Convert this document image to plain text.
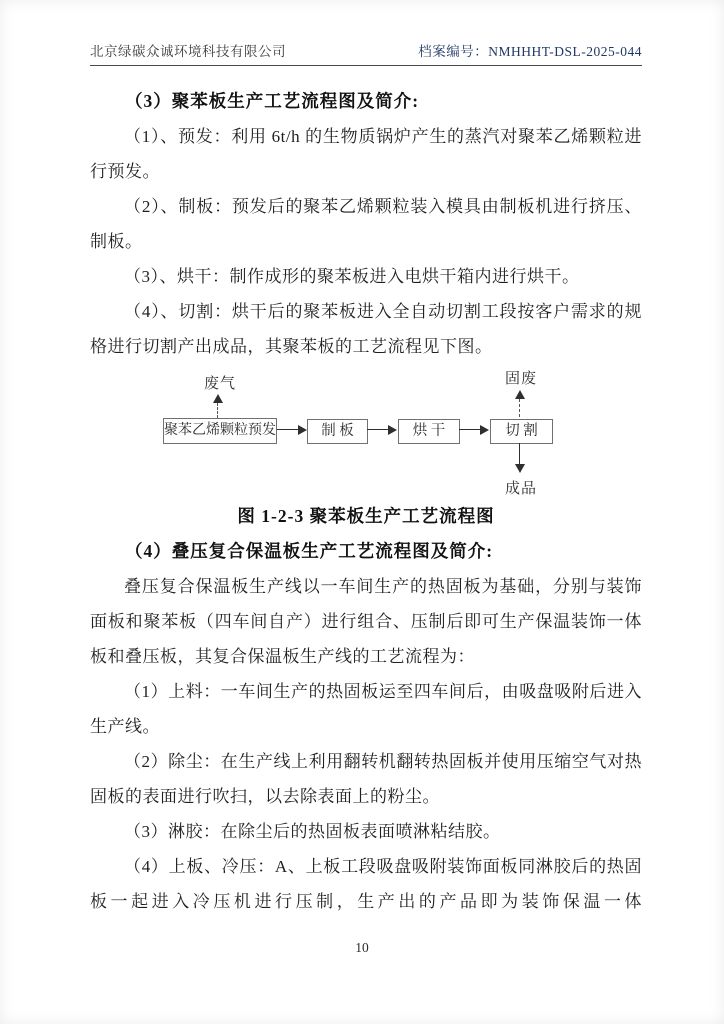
北京绿碳众诚环境科技有限公司	档案编号：NMHHHT-DSL-2025-044

（3）聚苯板生产工艺流程图及简介:

（1）、预发：利用 6t/h 的生物质锅炉产生的蒸汽对聚苯乙烯颗粒进行预发。

（2）、制板：预发后的聚苯乙烯颗粒装入模具由制板机进行挤压、制板。

（3）、烘干：制作成形的聚苯板进入电烘干箱内进行烘干。

（4）、切割：烘干后的聚苯板进入全自动切割工段按客户需求的规格进行切割产出成品，其聚苯板的工艺流程见下图。

废气
聚苯乙烯颗粒预发	制 板	烘 干	切 割
固废
成品

图 1-2-3 聚苯板生产工艺流程图

（4）叠压复合保温板生产工艺流程图及简介:

叠压复合保温板生产线以一车间生产的热固板为基础，分别与装饰面板和聚苯板（四车间自产）进行组合、压制后即可生产保温装饰一体板和叠压板，其复合保温板生产线的工艺流程为：

（1）上料：一车间生产的热固板运至四车间后，由吸盘吸附后进入生产线。

（2）除尘：在生产线上利用翻转机翻转热固板并使用压缩空气对热固板的表面进行吹扫，以去除表面上的粉尘。

（3）淋胶：在除尘后的热固板表面喷淋粘结胶。

（4）上板、冷压：A、上板工段吸盘吸附装饰面板同淋胶后的热固板一起进入冷压机进行压制，生产出的产品即为装饰保温一体

10
